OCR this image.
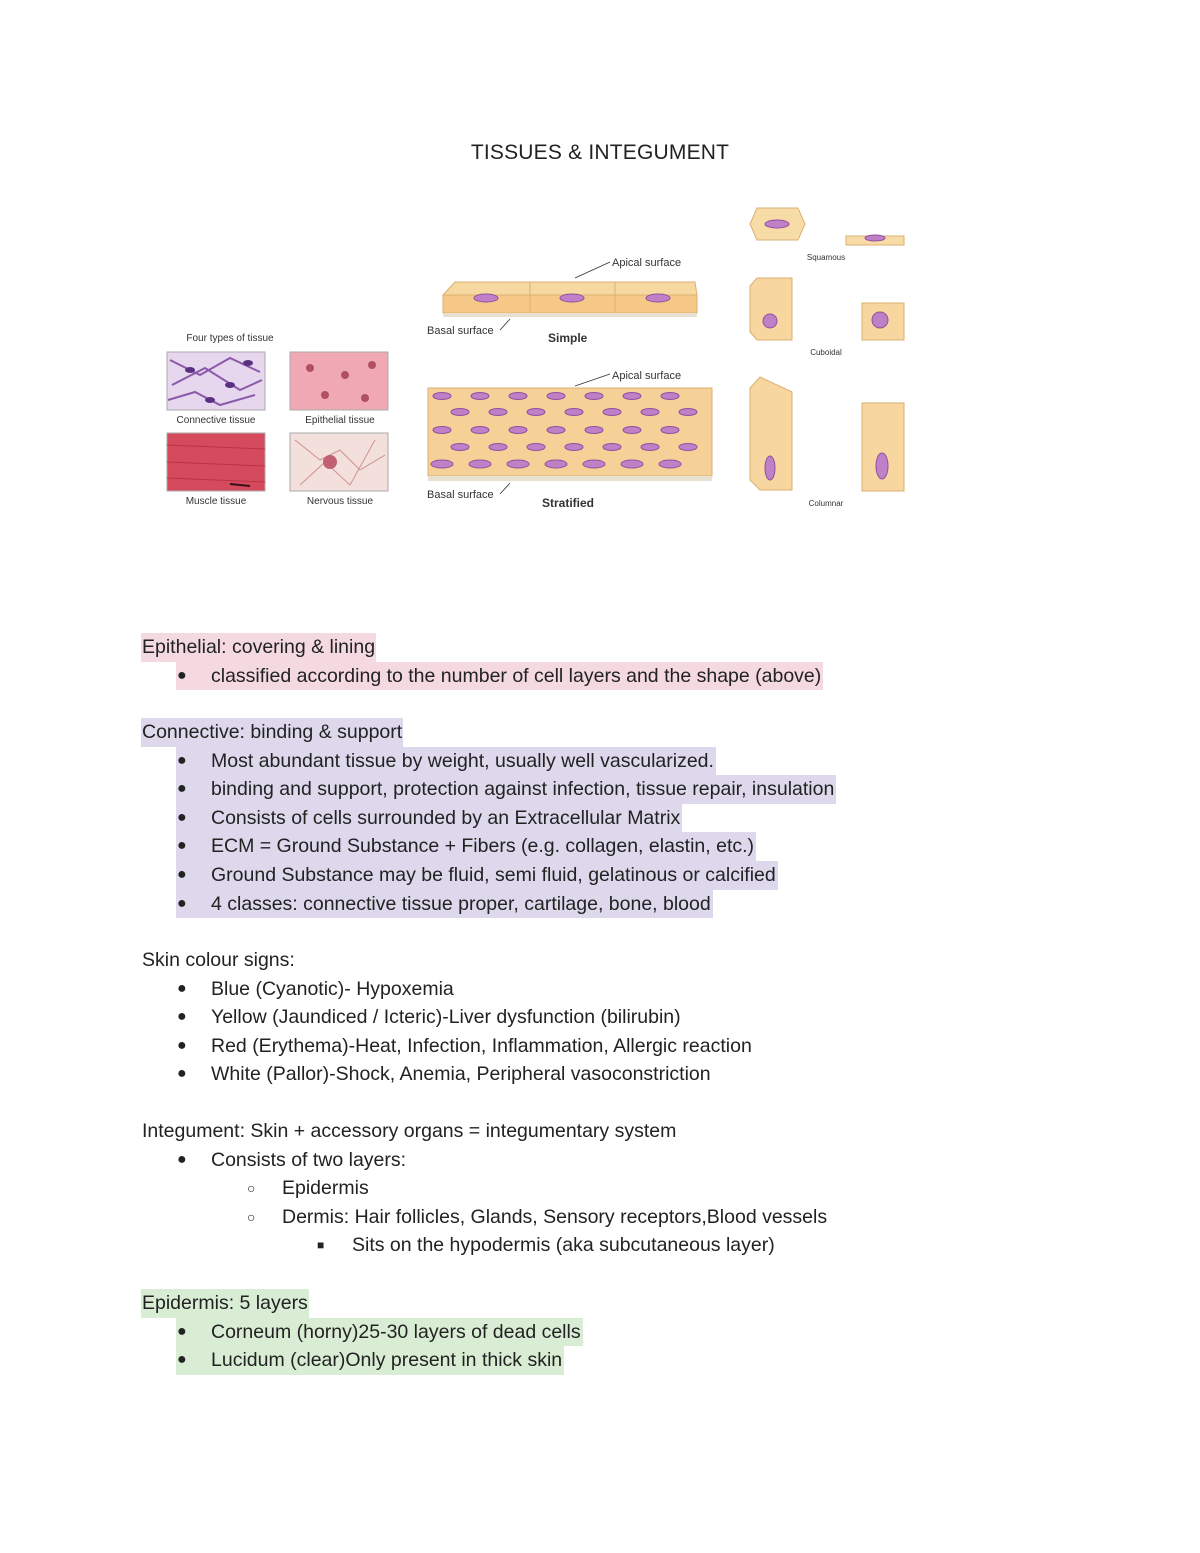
TISSUES & INTEGUMENT
Four types of tissue
Connective tissue	Epithelial tissue
Muscle tissue	Nervous tissue
Apical surface
Basal surface	Simple
Apical surface
Basal surface
Stratified
Squamous
Cuboidal
Columnar
Epithelial: covering & lining
● classified according to the number of cell layers and the shape (above)
Connective: binding & support
● Most abundant tissue by weight, usually well vascularized.
● binding and support, protection against infection, tissue repair, insulation
● Consists of cells surrounded by an Extracellular Matrix
● ECM = Ground Substance + Fibers (e.g. collagen, elastin, etc.)
● Ground Substance may be fluid, semi fluid, gelatinous or calcified
● 4 classes: connective tissue proper, cartilage, bone, blood
Skin colour signs:
● Blue (Cyanotic)- Hypoxemia
● Yellow (Jaundiced / Icteric)-Liver dysfunction (bilirubin)
● Red (Erythema)-Heat, Infection, Inflammation, Allergic reaction
● White (Pallor)-Shock, Anemia, Peripheral vasoconstriction
Integument: Skin + accessory organs = integumentary system
● Consists of two layers:
○ Epidermis
○ Dermis: Hair follicles, Glands, Sensory receptors,Blood vessels
■ Sits on the hypodermis (aka subcutaneous layer)
Epidermis: 5 layers
● Corneum (horny)25-30 layers of dead cells
● Lucidum (clear)Only present in thick skin
